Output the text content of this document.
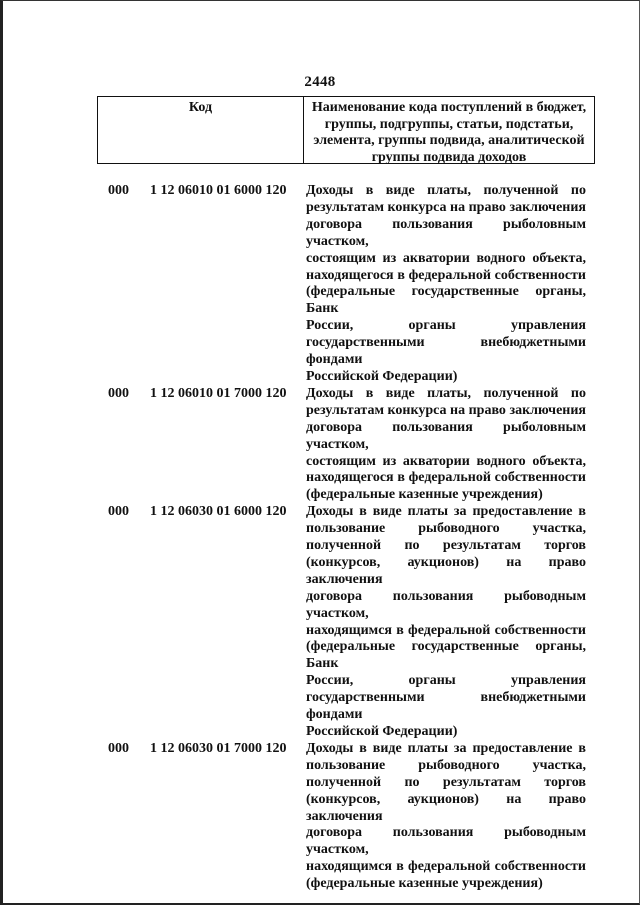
2448
Код	Наименование кода поступлений в бюджет,
группы, подгруппы, статьи, подстатьи,
элемента, группы подвида, аналитической
группы подвида доходов
000 1 12 06010 01 6000 120 Доходы в виде платы, полученной по
результатам конкурса на право заключения
договора пользования рыболовным участком,
состоящим из акватории водного объекта,
находящегося в федеральной собственности
(федеральные государственные органы, Банк
России, органы управления
государственными внебюджетными фондами
Российской Федерации)
000 1 12 06010 01 7000 120 Доходы в виде платы, полученной по
результатам конкурса на право заключения
договора пользования рыболовным участком,
состоящим из акватории водного объекта,
находящегося в федеральной собственности
(федеральные казенные учреждения)
000 1 12 06030 01 6000 120 Доходы в виде платы за предоставление в
пользование рыбоводного участка,
полученной по результатам торгов
(конкурсов, аукционов) на право заключения
договора пользования рыбоводным участком,
находящимся в федеральной собственности
(федеральные государственные органы, Банк
России, органы управления
государственными внебюджетными фондами
Российской Федерации)
000 1 12 06030 01 7000 120 Доходы в виде платы за предоставление в
пользование рыбоводного участка,
полученной по результатам торгов
(конкурсов, аукционов) на право заключения
договора пользования рыбоводным участком,
находящимся в федеральной собственности
(федеральные казенные учреждения)
